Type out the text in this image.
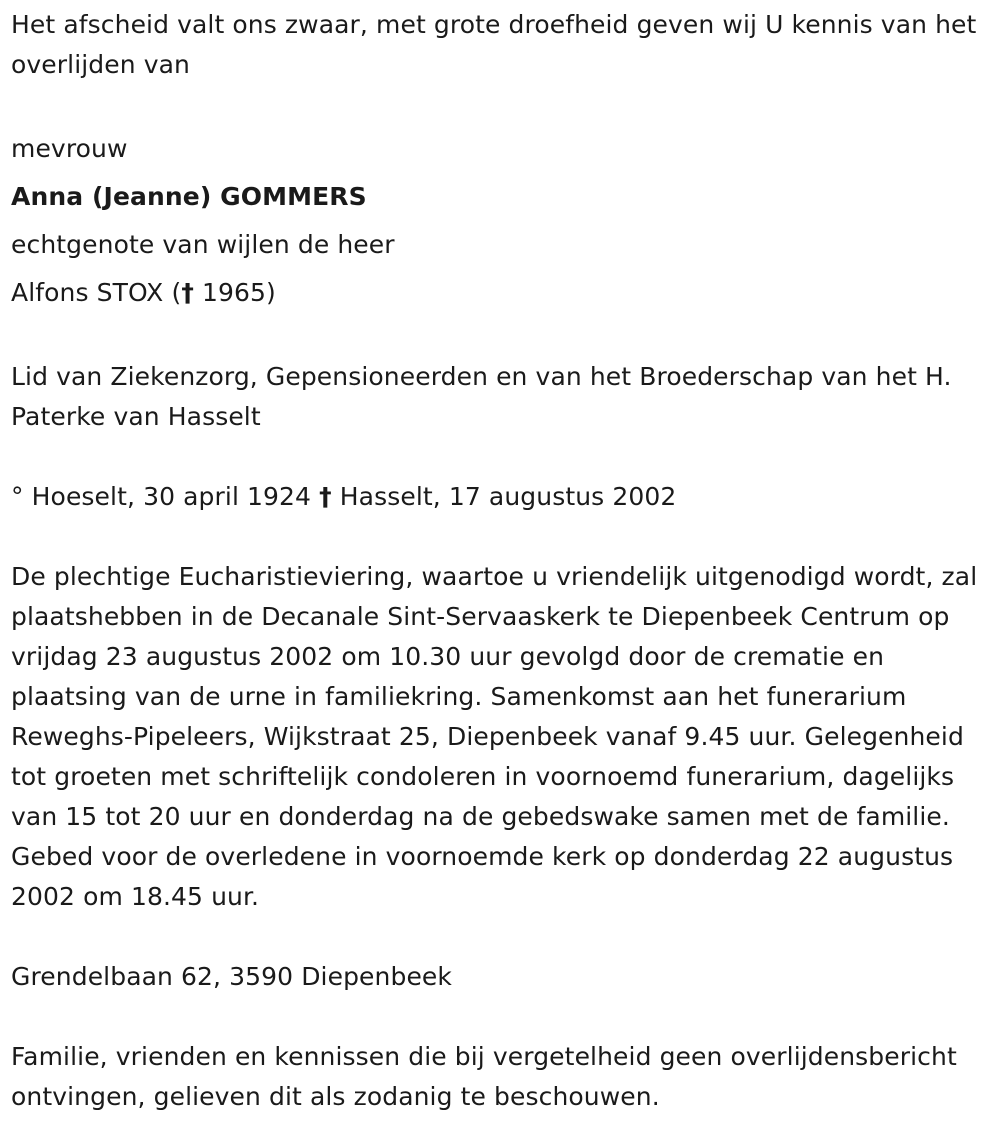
Het afscheid valt ons zwaar, met grote droefheid geven wij U kennis van het overlijden van

mevrouw

Anna (Jeanne) GOMMERS

echtgenote van wijlen de heer

Alfons STOX († 1965)

Lid van Ziekenzorg, Gepensioneerden en van het Broederschap van het H. Paterke van Hasselt

° Hoeselt, 30 april 1924 † Hasselt, 17 augustus 2002

De plechtige Eucharistieviering, waartoe u vriendelijk uitgenodigd wordt, zal plaatshebben in de Decanale Sint-Servaaskerk te Diepenbeek Centrum op vrijdag 23 augustus 2002 om 10.30 uur gevolgd door de crematie en plaatsing van de urne in familiekring. Samenkomst aan het funerarium Reweghs-Pipeleers, Wijkstraat 25, Diepenbeek vanaf 9.45 uur. Gelegenheid tot groeten met schriftelijk condoleren in voornoemd funerarium, dagelijks van 15 tot 20 uur en donderdag na de gebedswake samen met de familie. Gebed voor de overledene in voornoemde kerk op donderdag 22 augustus 2002 om 18.45 uur.

Grendelbaan 62, 3590 Diepenbeek

Familie, vrienden en kennissen die bij vergetelheid geen overlijdensbericht ontvingen, gelieven dit als zodanig te beschouwen.
